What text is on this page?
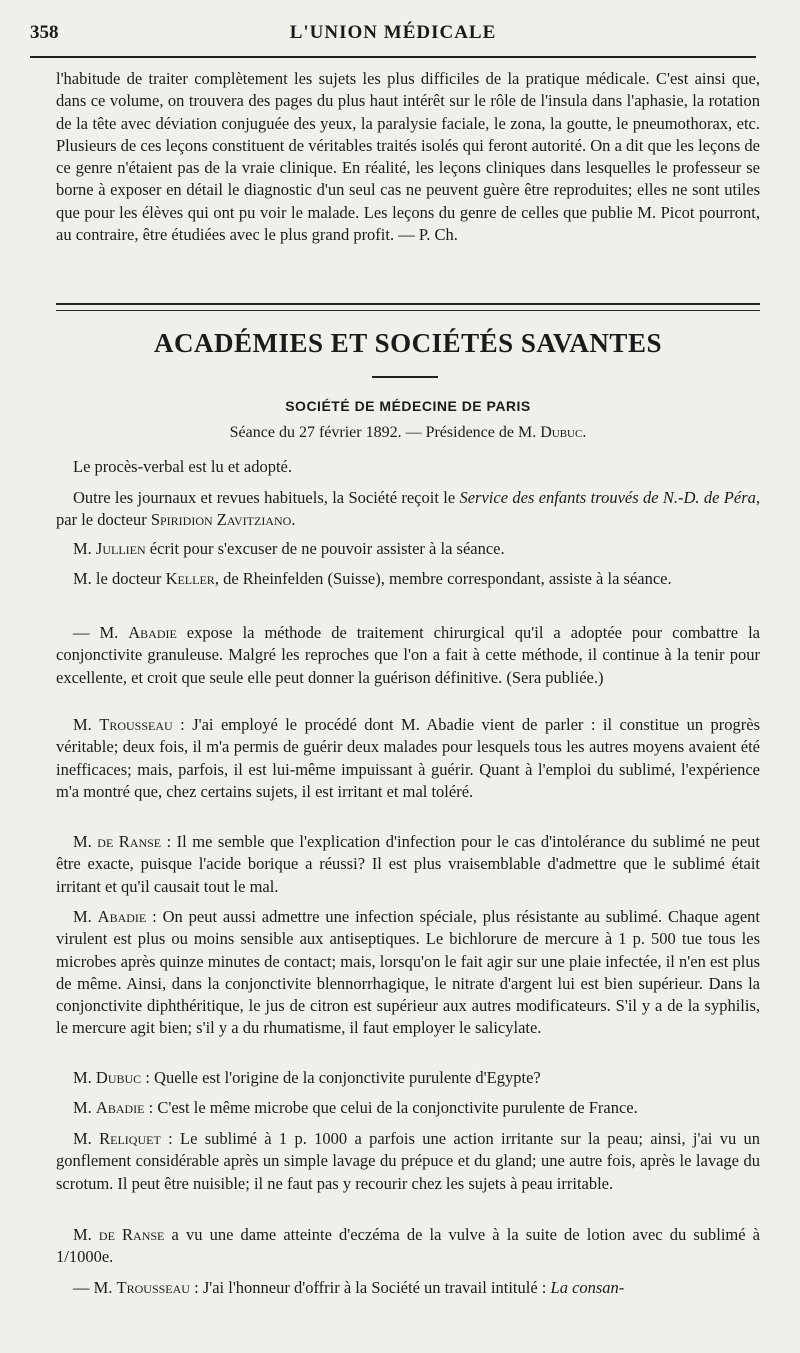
358	L'UNION MÉDICALE

l'habitude de traiter complètement les sujets les plus difficiles de la pratique médicale. C'est ainsi que, dans ce volume, on trouvera des pages du plus haut intérêt sur le rôle de l'insula dans l'aphasie, la rotation de la tête avec déviation conjuguée des yeux, la paralysie faciale, le zona, la goutte, le pneumothorax, etc. Plusieurs de ces leçons constituent de véritables traités isolés qui feront autorité. On a dit que les leçons de ce genre n'étaient pas de la vraie clinique. En réalité, les leçons cliniques dans lesquelles le professeur se borne à exposer en détail le diagnostic d'un seul cas ne peuvent guère être reproduites; elles ne sont utiles que pour les élèves qui ont pu voir le malade. Les leçons du genre de celles que publie M. Picot pourront, au contraire, être étudiées avec le plus grand profit. — P. Ch.

ACADÉMIES ET SOCIÉTÉS SAVANTES
SOCIÉTÉ DE MÉDECINE DE PARIS
Séance du 27 février 1892. — Présidence de M. Dubuc.

Le procès-verbal est lu et adopté.

Outre les journaux et revues habituels, la Société reçoit le Service des enfants trouvés de N.-D. de Péra, par le docteur Spiridion Zavitziano.

M. Jullien écrit pour s'excuser de ne pouvoir assister à la séance.

M. le docteur Keller, de Rheinfelden (Suisse), membre correspondant, assiste à la séance.

— M. Abadie expose la méthode de traitement chirurgical qu'il a adoptée pour combattre la conjonctivite granuleuse. Malgré les reproches que l'on a fait à cette méthode, il continue à la tenir pour excellente, et croit que seule elle peut donner la guérison définitive. (Sera publiée.)

M. Trousseau : J'ai employé le procédé dont M. Abadie vient de parler : il constitue un progrès véritable; deux fois, il m'a permis de guérir deux malades pour lesquels tous les autres moyens avaient été inefficaces; mais, parfois, il est lui-même impuissant à guérir. Quant à l'emploi du sublimé, l'expérience m'a montré que, chez certains sujets, il est irritant et mal toléré.

M. de Ranse : Il me semble que l'explication d'infection pour le cas d'intolérance du sublimé ne peut être exacte, puisque l'acide borique a réussi? Il est plus vraisemblable d'admettre que le sublimé était irritant et qu'il causait tout le mal.

M. Abadie : On peut aussi admettre une infection spéciale, plus résistante au sublimé. Chaque agent virulent est plus ou moins sensible aux antiseptiques. Le bichlorure de mercure à 1 p. 500 tue tous les microbes après quinze minutes de contact; mais, lorsqu'on le fait agir sur une plaie infectée, il n'en est plus de même. Ainsi, dans la conjonctivite blennorrhagique, le nitrate d'argent lui est bien supérieur. Dans la conjonctivite diphthéritique, le jus de citron est supérieur aux autres modificateurs. S'il y a de la syphilis, le mercure agit bien; s'il y a du rhumatisme, il faut employer le salicylate.

M. Dubuc : Quelle est l'origine de la conjonctivite purulente d'Egypte?

M. Abadie : C'est le même microbe que celui de la conjonctivite purulente de France.

M. Reliquet : Le sublimé à 1 p. 1000 a parfois une action irritante sur la peau; ainsi, j'ai vu un gonflement considérable après un simple lavage du prépuce et du gland; une autre fois, après le lavage du scrotum. Il peut être nuisible; il ne faut pas y recourir chez les sujets à peau irritable.

M. de Ranse a vu une dame atteinte d'eczéma de la vulve à la suite de lotion avec du sublimé à 1/1000e.

— M. Trousseau : J'ai l'honneur d'offrir à la Société un travail intitulé : La consan-
